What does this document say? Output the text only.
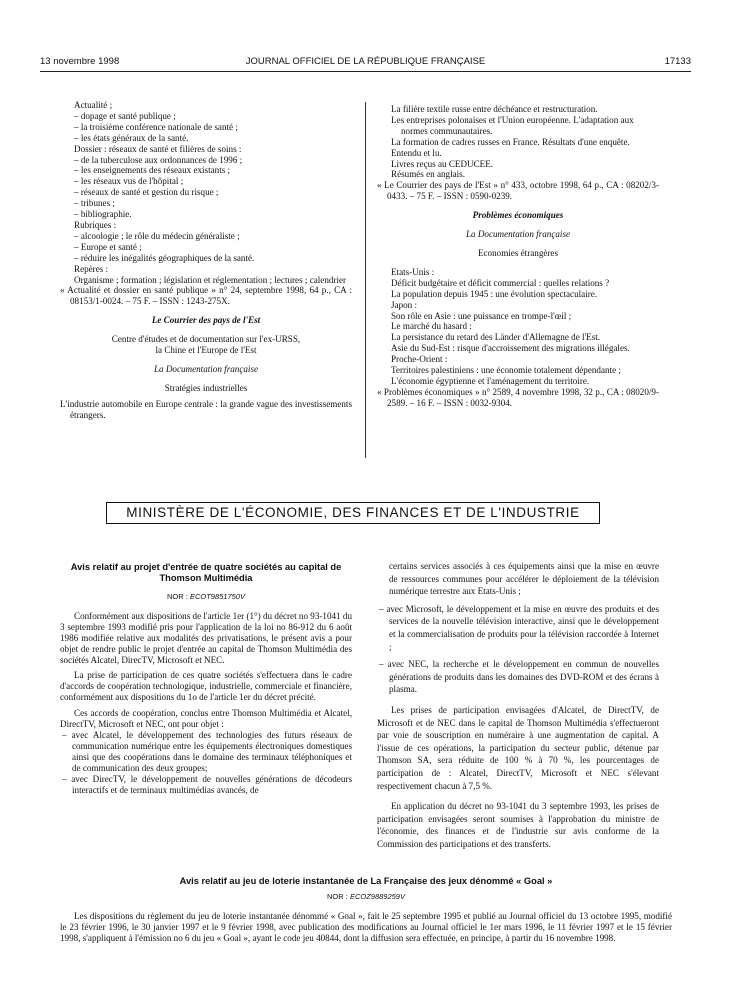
13 novembre 1998	JOURNAL OFFICIEL DE LA RÉPUBLIQUE FRANÇAISE	17133

Actualité ;

– dopage et santé publique ;

– la troisième conférence nationale de santé ;

– les états généraux de la santé.

Dossier : réseaux de santé et filières de soins :

– de la tuberculose aux ordonnances de 1996 ;

– les enseignements des réseaux existants ;

– les réseaux vus de l'hôpital ;

– réseaux de santé et gestion du risque ;

– tribunes ;

– bibliographie.

Rubriques :

– alcoologie ; le rôle du médecin généraliste ;

– Europe et santé ;

– réduire les inégalités géographiques de la santé.

Repères :

Organisme ; formation ; législation et réglementation ; lectures ; calendrier

« Actualité et dossier en santé publique » n° 24, septembre 1998, 64 p., CA : 08153/1-0024. – 75 F. – ISSN : 1243-275X.

Le Courrier des pays de l'Est

Centre d'études et de documentation sur l'ex-URSS,

la Chine et l'Europe de l'Est

La Documentation française

Stratégies industrielles

L'industrie automobile en Europe centrale : la grande vague des investissements étrangers.

La filière textile russe entre déchéance et restructuration.

Les entreprises polonaises et l'Union européenne. L'adaptation aux normes communautaires.

La formation de cadres russes en France. Résultats d'une enquête.

Entendu et lu.

Livres reçus au CEDUCEE.

Résumés en anglais.

« Le Courrier des pays de l'Est » n° 433, octobre 1998, 64 p., CA : 08202/3-0433. – 75 F. – ISSN : 0590-0239.

Problèmes économiques

La Documentation française

Economies étrangères

Etats-Unis :

Déficit budgétaire et déficit commercial : quelles relations ?

La population depuis 1945 : une évolution spectaculaire.

Japon :

Son rôle en Asie : une puissance en trompe-l'œil ;

Le marché du hasard :

La persistance du retard des Länder d'Allemagne de l'Est.

Asie du Sud-Est : risque d'accroissement des migrations illégales.

Proche-Orient :

Territoires palestiniens : une économie totalement dépendante ;

L'économie égyptienne et l'aménagement du territoire.

« Problèmes économiques » n° 2589, 4 novembre 1998, 32 p., CA : 08020/9-2589. – 16 F. – ISSN : 0032-9304.

MINISTÈRE DE L'ÉCONOMIE, DES FINANCES ET DE L'INDUSTRIE

Avis relatif au projet d'entrée de quatre sociétés au capital de Thomson Multimédia

NOR : ECOT9851750V

Conformément aux dispositions de l'article 1er (1°) du décret no 93-1041 du 3 septembre 1993 modifié pris pour l'application de la loi no 86-912 du 6 août 1986 modifiée relative aux modalités des privatisations, le présent avis a pour objet de rendre public le projet d'entrée au capital de Thomson Multimédia des sociétés Alcatel, DirecTV, Microsoft et NEC.

La prise de participation de ces quatre sociétés s'effectuera dans le cadre d'accords de coopération technologique, industrielle, commerciale et financière, conformément aux dispositions du 1o de l'article 1er du décret précité.

Ces accords de coopération, conclus entre Thomson Multimédia et Alcatel, DirectTV, Microsoft et NEC, ont pour objet :

– avec Alcatel, le développement des technologies des futurs réseaux de communication numérique entre les équipements électroniques domestiques ainsi que des coopérations dans le domaine des terminaux téléphoniques et de communication des deux groupes;

– avec DirecTV, le développement de nouvelles générations de décodeurs interactifs et de terminaux multimédias avancés, de

certains services associés à ces équipements ainsi que la mise en œuvre de ressources communes pour accélérer le déploiement de la télévision numérique terrestre aux Etats-Unis ;

– avec Microsoft, le développement et la mise en œuvre des produits et des services de la nouvelle télévision interactive, ainsi que le développement et la commercialisation de produits pour la télévision raccordée à Internet ;

– avec NEC, la recherche et le développement en commun de nouvelles générations de produits dans les domaines des DVD-ROM et des écrans à plasma.

Les prises de participation envisagées d'Alcatel, de DirectTV, de Microsoft et de NEC dans le capital de Thomson Multimédia s'effectueront par voie de souscription en numéraire à une augmentation de capital. A l'issue de ces opérations, la participation du secteur public, détenue par Thomson SA, sera réduite de 100 % à 70 %, les pourcentages de participation de : Alcatel, DirectTV, Microsoft et NEC s'élevant respectivement chacun à 7,5 %.

En application du décret no 93-1041 du 3 septembre 1993, les prises de participation envisagées seront soumises à l'approbation du ministre de l'économie, des finances et de l'industrie sur avis conforme de la Commission des participations et des transferts.

Avis relatif au jeu de loterie instantanée de La Française des jeux dénommé « Goal »

NOR : ECOZ9889259V

Les dispositions du règlement du jeu de loterie instantanée dénommé « Goal », fait le 25 septembre 1995 et publié au Journal officiel du 13 octobre 1995, modifié le 23 février 1996, le 30 janvier 1997 et le 9 février 1998, avec publication des modifications au Journal officiel le 1er mars 1996, le 11 février 1997 et le 15 février 1998, s'appliquent à l'émission no 6 du jeu « Goal », ayant le code jeu 40844, dont la diffusion sera effectuée, en principe, à partir du 16 novembre 1998.
